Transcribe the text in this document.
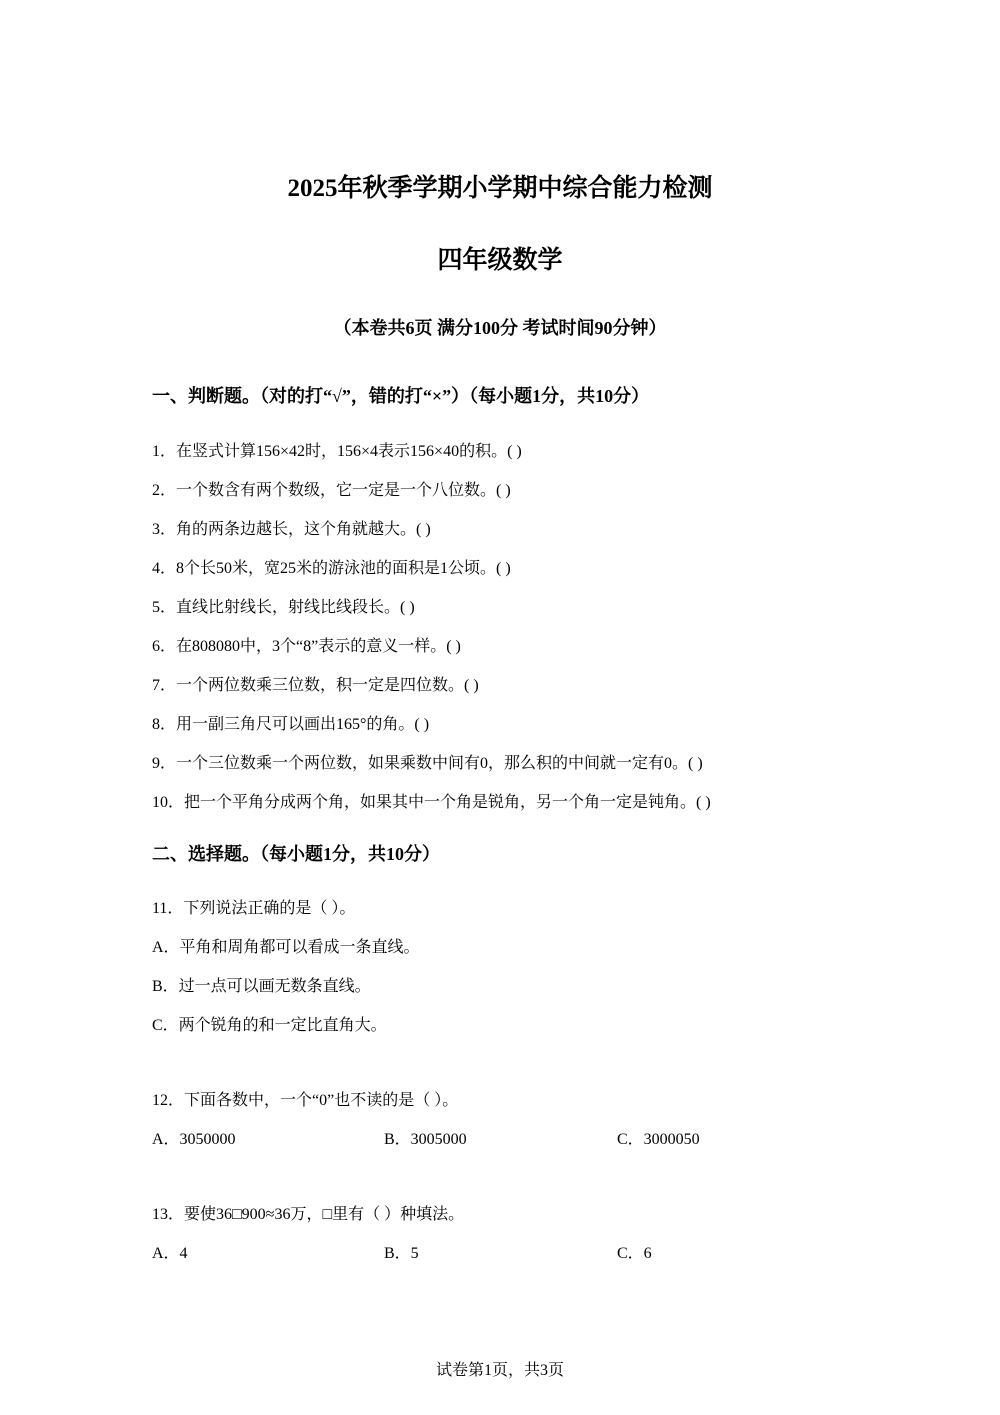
2025年秋季学期小学期中综合能力检测
四年级数学
（本卷共6页 满分100分 考试时间90分钟）
一、判断题。（对的打“√”，错的打“×”）（每小题1分，共10分）
1．在竖式计算156×42时，156×4表示156×40的积。( )
2．一个数含有两个数级，它一定是一个八位数。( )
3．角的两条边越长，这个角就越大。( )
4．8个长50米，宽25米的游泳池的面积是1公顷。( )
5．直线比射线长，射线比线段长。( )
6．在808080中，3个“8”表示的意义一样。( )
7．一个两位数乘三位数，积一定是四位数。( )
8．用一副三角尺可以画出165°的角。( )
9．一个三位数乘一个两位数，如果乘数中间有0，那么积的中间就一定有0。( )
10．把一个平角分成两个角，如果其中一个角是锐角，另一个角一定是钝角。( )
二、选择题。（每小题1分，共10分）
11．下列说法正确的是（ ）。
A．平角和周角都可以看成一条直线。
B．过一点可以画无数条直线。
C．两个锐角的和一定比直角大。
12．下面各数中，一个“0”也不读的是（ ）。
A．3050000	B．3005000	C．3000050
13．要使36□900≈36万，□里有（ ）种填法。
A．4	B．5	C．6
试卷第1页，共3页
